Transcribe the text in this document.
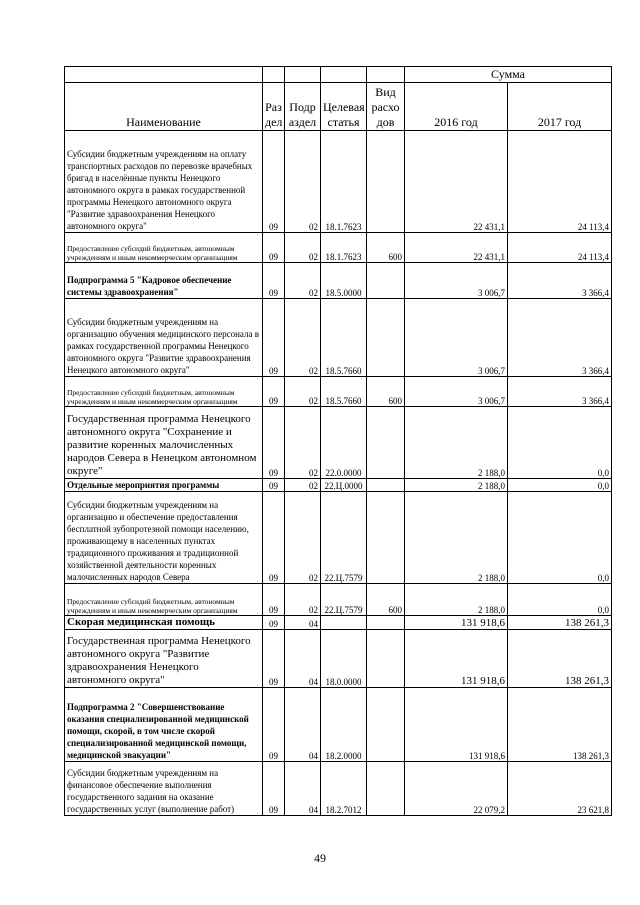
					Сумма	
Наименование	Раз дел	Подр аздел	Целевая статья	Вид расхо дов	2016 год	2017 год
Субсидии бюджетным учреждениям на оплату транспортных расходов по перевозке врачебных бригад в населённые пункты Ненецкого автономного округа в рамках государственной программы Ненецкого автономного округа "Развитие здравоохранения Ненецкого автономного округа"	09	02	18.1.7623		22 431,1	24 113,4
Предоставление субсидий бюджетным, автономным учреждениям и иным некоммерческим организациям	09	02	18.1.7623	600	22 431,1	24 113,4
Подпрограмма 5 "Кадровое обеспечение системы здравоохранения"	09	02	18.5.0000		3 006,7	3 366,4
Субсидии бюджетным учреждениям на организацию обучения медицинского персонала в рамках государственной программы Ненецкого автономного округа "Развитие здравоохранения Ненецкого автономного округа"	09	02	18.5.7660		3 006,7	3 366,4
Предоставление субсидий бюджетным, автономным учреждениям и иным некоммерческим организациям	09	02	18.5.7660	600	3 006,7	3 366,4
Государственная программа Ненецкого автономного округа "Сохранение и развитие коренных малочисленных народов Севера в Ненецком автономном округе"	09	02	22.0.0000		2 188,0	0,0
Отдельные мероприятия программы	09	02	22.Ц.0000		2 188,0	0,0
Субсидии бюджетным учреждениям на организацию и обеспечение предоставления бесплатной зубопротезной помощи населению, проживающему в населенных пунктах традиционного проживания и традиционной хозяйственной деятельности коренных малочисленных народов Севера	09	02	22.Ц.7579		2 188,0	0,0
Предоставление субсидий бюджетным, автономным учреждениям и иным некоммерческим организациям	09	02	22.Ц.7579	600	2 188,0	0,0
Скорая медицинская помощь	09	04			131 918,6	138 261,3
Государственная программа Ненецкого автономного округа "Развитие здравоохранения Ненецкого автономного округа"	09	04	18.0.0000		131 918,6	138 261,3
Подпрограмма 2 "Совершенствование оказания специализированной медицинской помощи, скорой, в том числе скорой специализированной медицинской помощи, медицинской эвакуации"	09	04	18.2.0000		131 918,6	138 261,3
Субсидии бюджетным учреждениям на финансовое обеспечение выполнения государственного задания на оказание государственных услуг (выполнение работ)	09	04	18.2.7012		22 079,2	23 621,8
49
